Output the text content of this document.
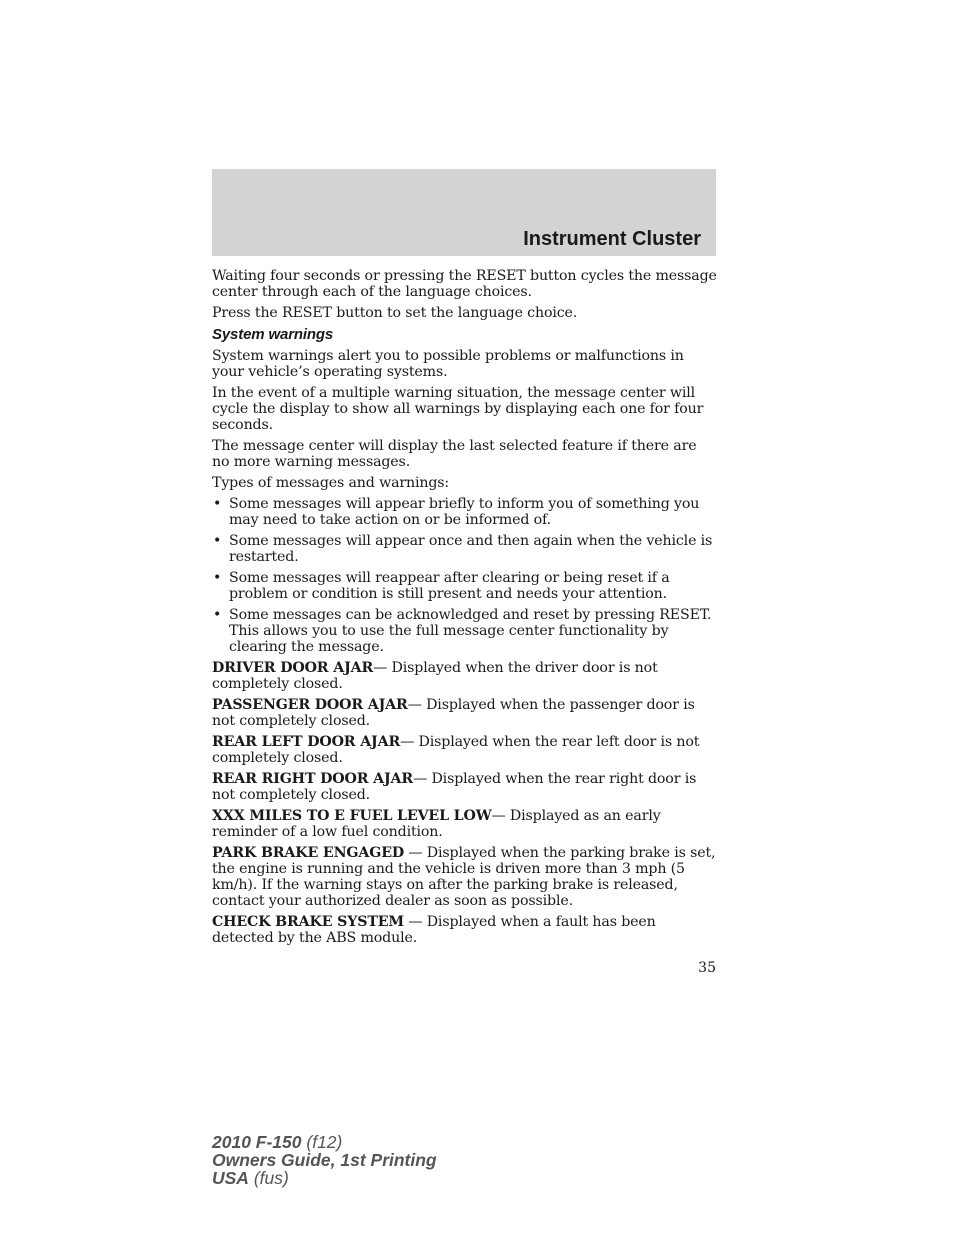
Instrument Cluster

Waiting four seconds or pressing the RESET button cycles the message center through each of the language choices.

Press the RESET button to set the language choice.

System warnings

System warnings alert you to possible problems or malfunctions in your vehicle’s operating systems.

In the event of a multiple warning situation, the message center will cycle the display to show all warnings by displaying each one for four seconds.

The message center will display the last selected feature if there are no more warning messages.

Types of messages and warnings:

• Some messages will appear briefly to inform you of something you may need to take action on or be informed of.
• Some messages will appear once and then again when the vehicle is restarted.
• Some messages will reappear after clearing or being reset if a problem or condition is still present and needs your attention.
• Some messages can be acknowledged and reset by pressing RESET. This allows you to use the full message center functionality by clearing the message.

DRIVER DOOR AJAR— Displayed when the driver door is not completely closed.

PASSENGER DOOR AJAR— Displayed when the passenger door is not completely closed.

REAR LEFT DOOR AJAR— Displayed when the rear left door is not completely closed.

REAR RIGHT DOOR AJAR— Displayed when the rear right door is not completely closed.

XXX MILES TO E FUEL LEVEL LOW— Displayed as an early reminder of a low fuel condition.

PARK BRAKE ENGAGED — Displayed when the parking brake is set, the engine is running and the vehicle is driven more than 3 mph (5 km/h). If the warning stays on after the parking brake is released, contact your authorized dealer as soon as possible.

CHECK BRAKE SYSTEM — Displayed when a fault has been detected by the ABS module.

35
2010 F-150 (f12)
Owners Guide, 1st Printing
USA (fus)
